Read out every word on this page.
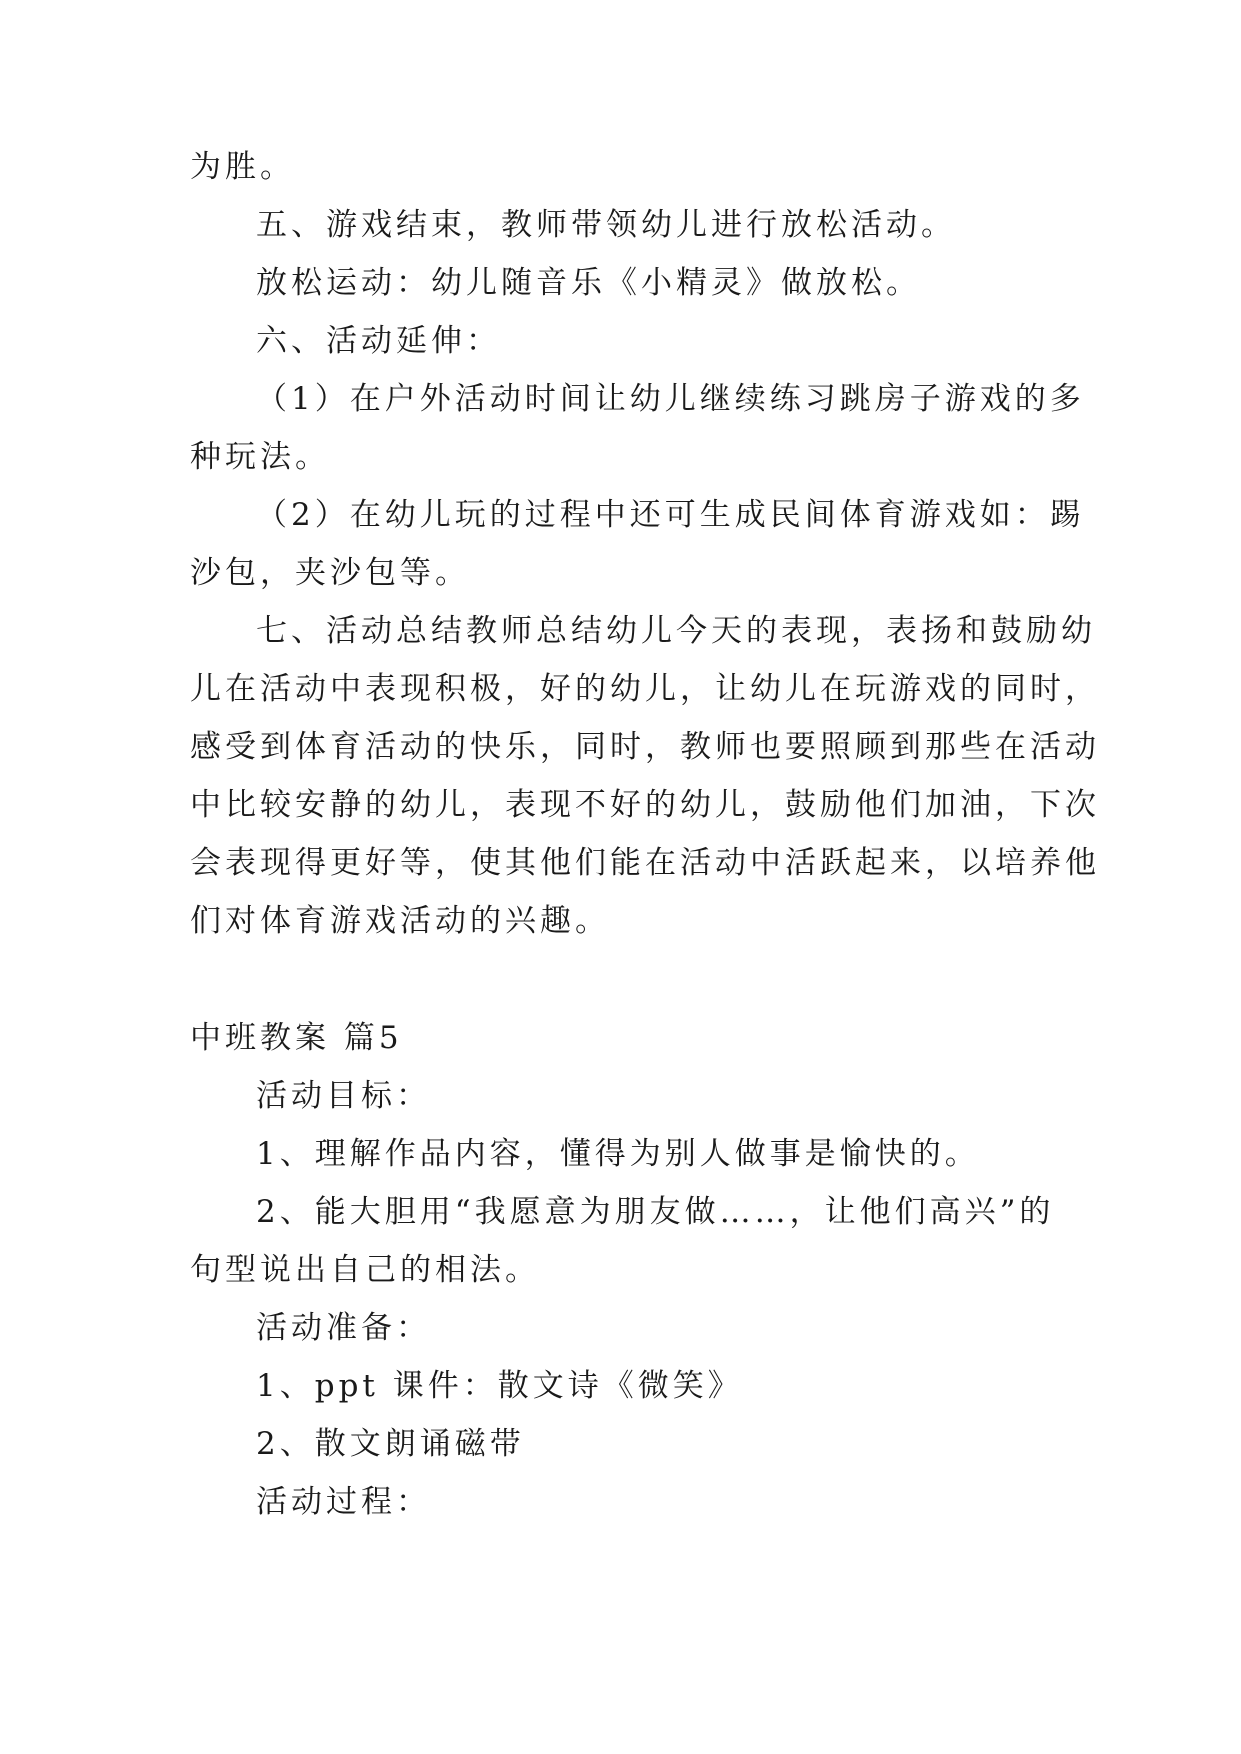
为胜。
五、游戏结束，教师带领幼儿进行放松活动。
放松运动：幼儿随音乐《小精灵》做放松。
六、活动延伸：
（1）在户外活动时间让幼儿继续练习跳房子游戏的多
种玩法。
（2）在幼儿玩的过程中还可生成民间体育游戏如：踢
沙包，夹沙包等。
七、活动总结教师总结幼儿今天的表现，表扬和鼓励幼
儿在活动中表现积极，好的幼儿，让幼儿在玩游戏的同时，
感受到体育活动的快乐，同时，教师也要照顾到那些在活动
中比较安静的幼儿，表现不好的幼儿，鼓励他们加油，下次
会表现得更好等，使其他们能在活动中活跃起来，以培养他
们对体育游戏活动的兴趣。
中班教案 篇5
活动目标：
1、理解作品内容，懂得为别人做事是愉快的。
2、能大胆用“我愿意为朋友做……，让他们高兴”的
句型说出自己的相法。
活动准备：
1、ppt 课件：散文诗《微笑》
2、散文朗诵磁带
活动过程：
